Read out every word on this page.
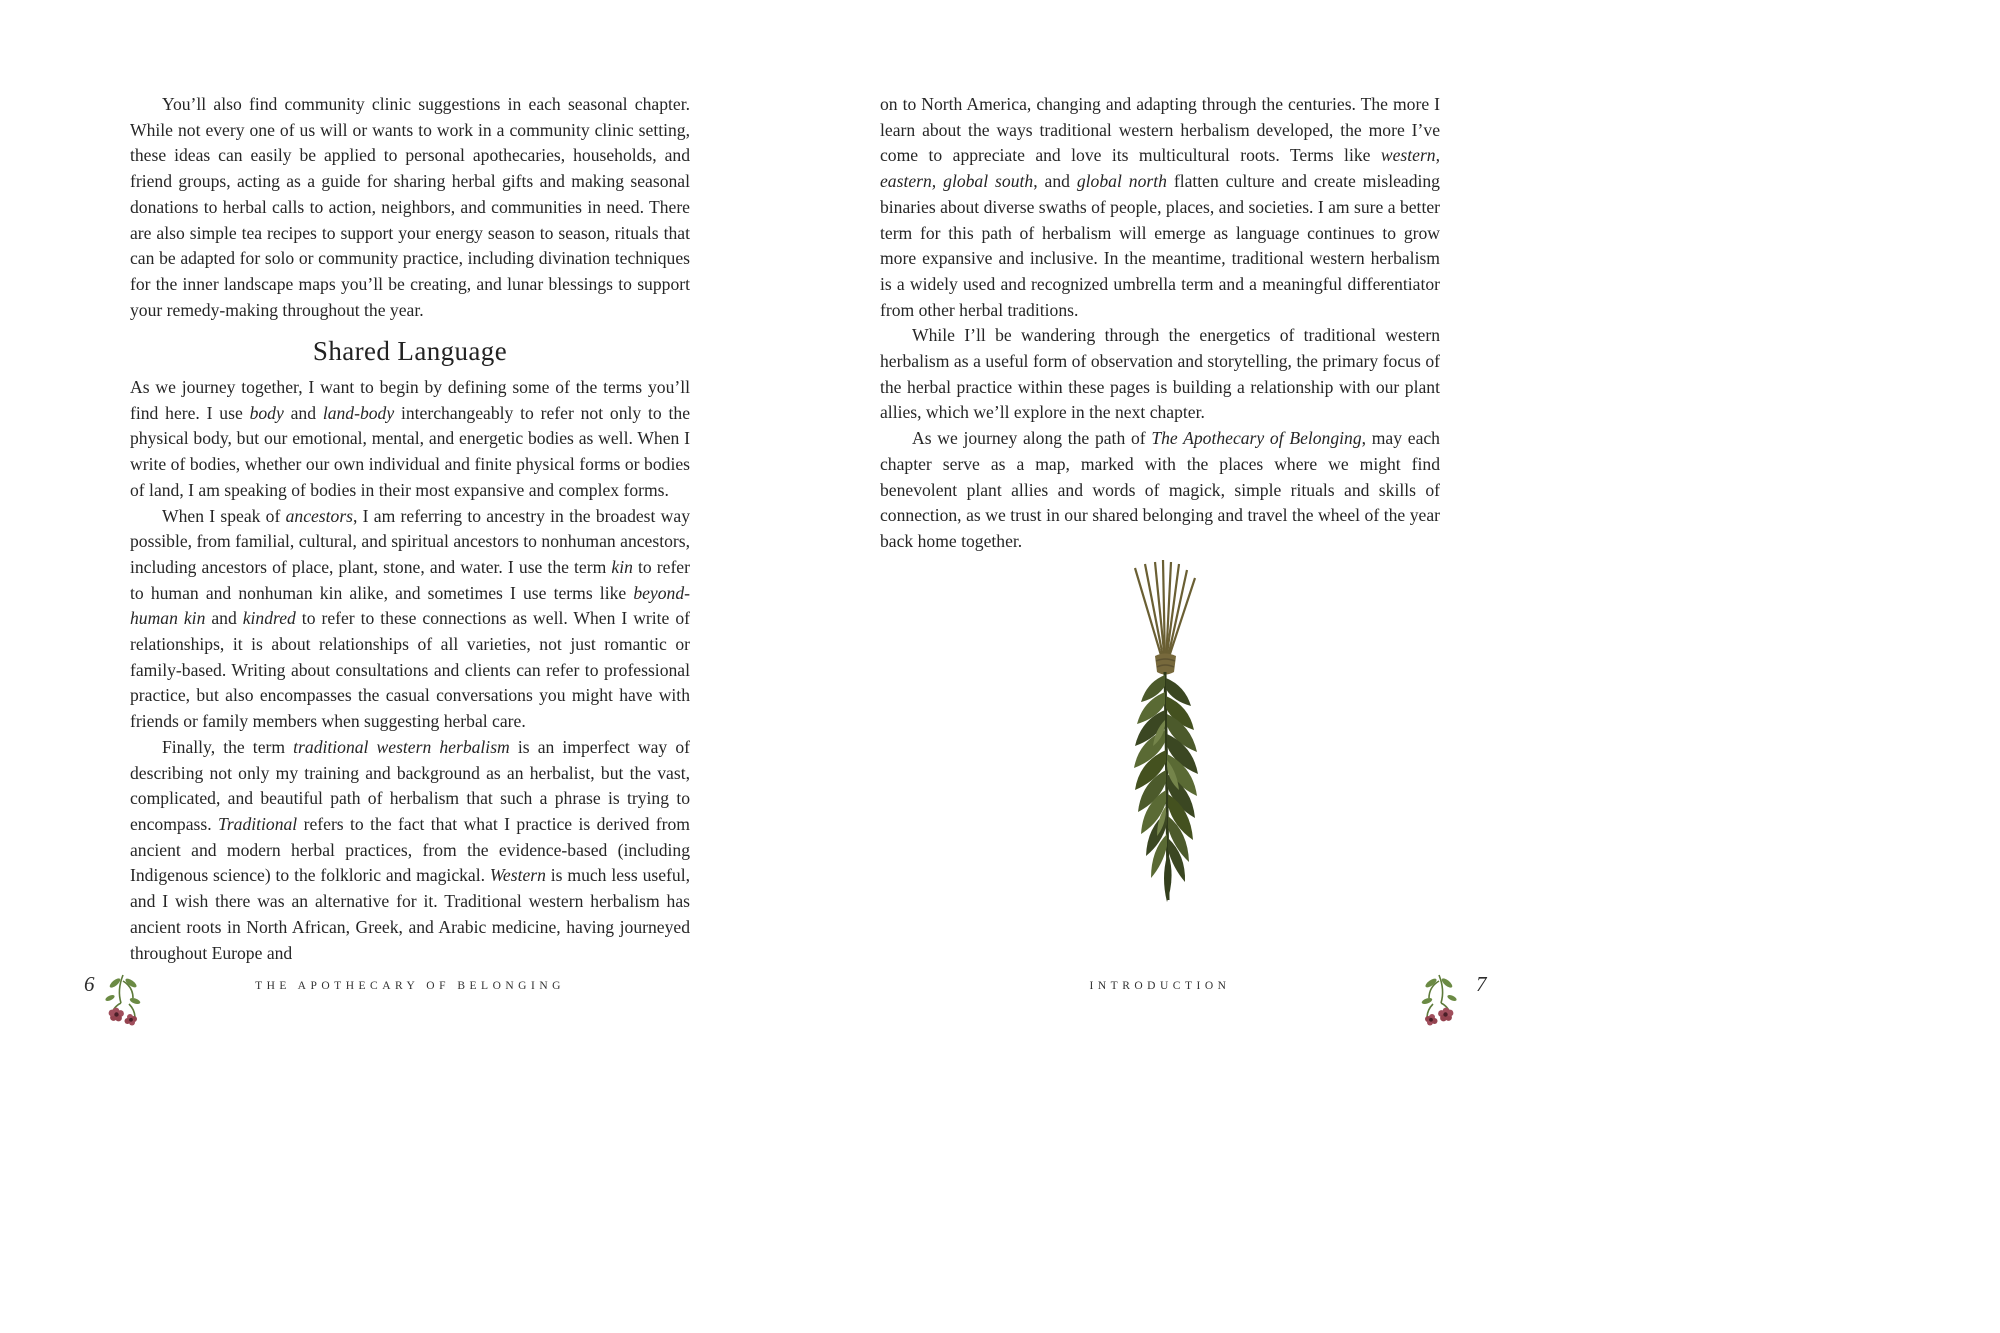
You’ll also find community clinic suggestions in each seasonal chapter. While not every one of us will or wants to work in a community clinic setting, these ideas can easily be applied to personal apothecaries, households, and friend groups, acting as a guide for sharing herbal gifts and making seasonal donations to herbal calls to action, neighbors, and communities in need. There are also simple tea recipes to support your energy season to season, rituals that can be adapted for solo or community practice, including divination techniques for the inner landscape maps you’ll be creating, and lunar blessings to support your remedy-making throughout the year.

Shared Language

As we journey together, I want to begin by defining some of the terms you’ll find here. I use body and land-body interchangeably to refer not only to the physical body, but our emotional, mental, and energetic bodies as well. When I write of bodies, whether our own individual and finite physical forms or bodies of land, I am speaking of bodies in their most expansive and complex forms.

When I speak of ancestors, I am referring to ancestry in the broadest way possible, from familial, cultural, and spiritual ancestors to nonhuman ancestors, including ancestors of place, plant, stone, and water. I use the term kin to refer to human and nonhuman kin alike, and sometimes I use terms like beyond-human kin and kindred to refer to these connections as well. When I write of relationships, it is about relationships of all varieties, not just romantic or family-based. Writing about consultations and clients can refer to professional practice, but also encompasses the casual conversations you might have with friends or family members when suggesting herbal care.

Finally, the term traditional western herbalism is an imperfect way of describing not only my training and background as an herbalist, but the vast, complicated, and beautiful path of herbalism that such a phrase is trying to encompass. Traditional refers to the fact that what I practice is derived from ancient and modern herbal practices, from the evidence-based (including Indigenous science) to the folkloric and magickal. Western is much less useful, and I wish there was an alternative for it. Traditional western herbalism has ancient roots in North African, Greek, and Arabic medicine, having journeyed throughout Europe and

6	THE APOTHECARY OF BELONGING

on to North America, changing and adapting through the centuries. The more I learn about the ways traditional western herbalism developed, the more I’ve come to appreciate and love its multicultural roots. Terms like western, eastern, global south, and global north flatten culture and create misleading binaries about diverse swaths of people, places, and societies. I am sure a better term for this path of herbalism will emerge as language continues to grow more expansive and inclusive. In the meantime, traditional western herbalism is a widely used and recognized umbrella term and a meaningful differentiator from other herbal traditions.

While I’ll be wandering through the energetics of traditional western herbalism as a useful form of observation and storytelling, the primary focus of the herbal practice within these pages is building a relationship with our plant allies, which we’ll explore in the next chapter.

As we journey along the path of The Apothecary of Belonging, may each chapter serve as a map, marked with the places where we might find benevolent plant allies and words of magick, simple rituals and skills of connection, as we trust in our shared belonging and travel the wheel of the year back home together.

INTRODUCTION	7
